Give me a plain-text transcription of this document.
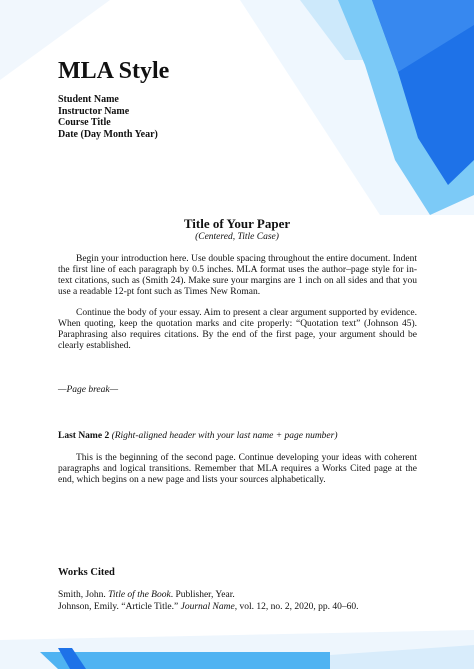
MLA Style
Student Name
Instructor Name
Course Title
Date (Day Month Year)
Title of Your Paper
(Centered, Title Case)

Begin your introduction here. Use double spacing throughout the entire document. Indent the first line of each paragraph by 0.5 inches. MLA format uses the author–page style for in-text citations, such as (Smith 24). Make sure your margins are 1 inch on all sides and that you use a readable 12-pt font such as Times New Roman.

Continue the body of your essay. Aim to present a clear argument supported by evidence. When quoting, keep the quotation marks and cite properly: “Quotation text” (Johnson 45). Paraphrasing also requires citations. By the end of the first page, your argument should be clearly established.

—Page break—
Last Name 2 (Right-aligned header with your last name + page number)

This is the beginning of the second page. Continue developing your ideas with coherent paragraphs and logical transitions. Remember that MLA requires a Works Cited page at the end, which begins on a new page and lists your sources alphabetically.

Works Cited
Smith, John. Title of the Book. Publisher, Year.
Johnson, Emily. “Article Title.” Journal Name, vol. 12, no. 2, 2020, pp. 40–60.
